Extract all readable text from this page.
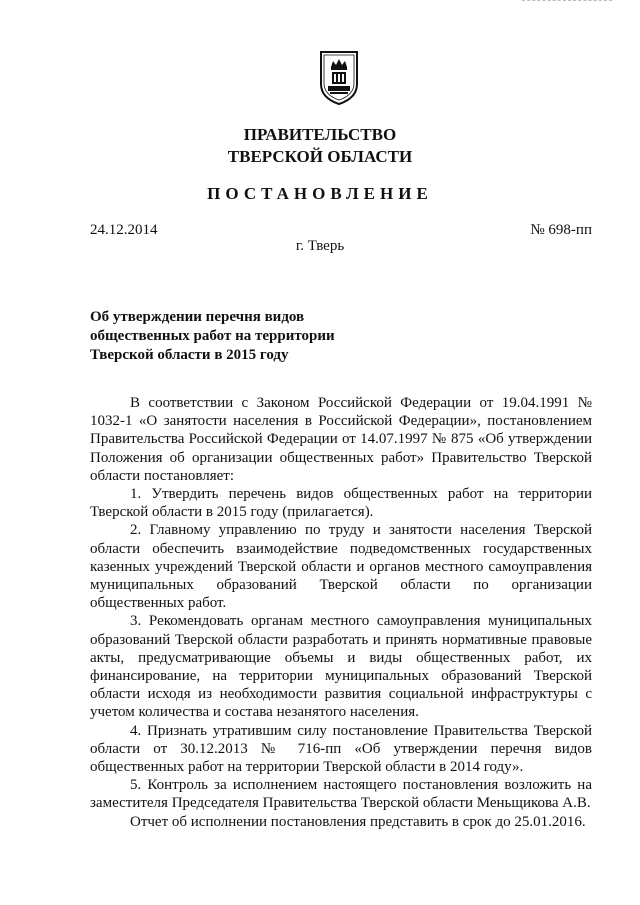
ПРАВИТЕЛЬСТВО
ТВЕРСКОЙ ОБЛАСТИ
ПОСТАНОВЛЕНИЕ
24.12.2014	№ 698-пп
г. Тверь
Об утверждении перечня видов
общественных работ на территории
Тверской области в 2015 году

В соответствии с Законом Российской Федерации от 19.04.1991 № 1032-1 «О занятости населения в Российской Федерации», постановлением Правительства Российской Федерации от 14.07.1997 № 875 «Об утверждении Положения об организации общественных работ» Правительство Тверской области постановляет:

1. Утвердить перечень видов общественных работ на территории Тверской области в 2015 году (прилагается).

2. Главному управлению по труду и занятости населения Тверской области обеспечить взаимодействие подведомственных государственных казенных учреждений Тверской области и органов местного самоуправления муниципальных образований Тверской области по организации общественных работ.

3. Рекомендовать органам местного самоуправления муниципальных образований Тверской области разработать и принять нормативные правовые акты, предусматривающие объемы и виды общественных работ, их финансирование, на территории муниципальных образований Тверской области исходя из необходимости развития социальной инфраструктуры с учетом количества и состава незанятого населения.

4. Признать утратившим силу постановление Правительства Тверской области от 30.12.2013 № 716-пп «Об утверждении перечня видов общественных работ на территории Тверской области в 2014 году».

5. Контроль за исполнением настоящего постановления возложить на заместителя Председателя Правительства Тверской области Меньщикова А.В.

Отчет об исполнении постановления представить в срок до 25.01.2016.
